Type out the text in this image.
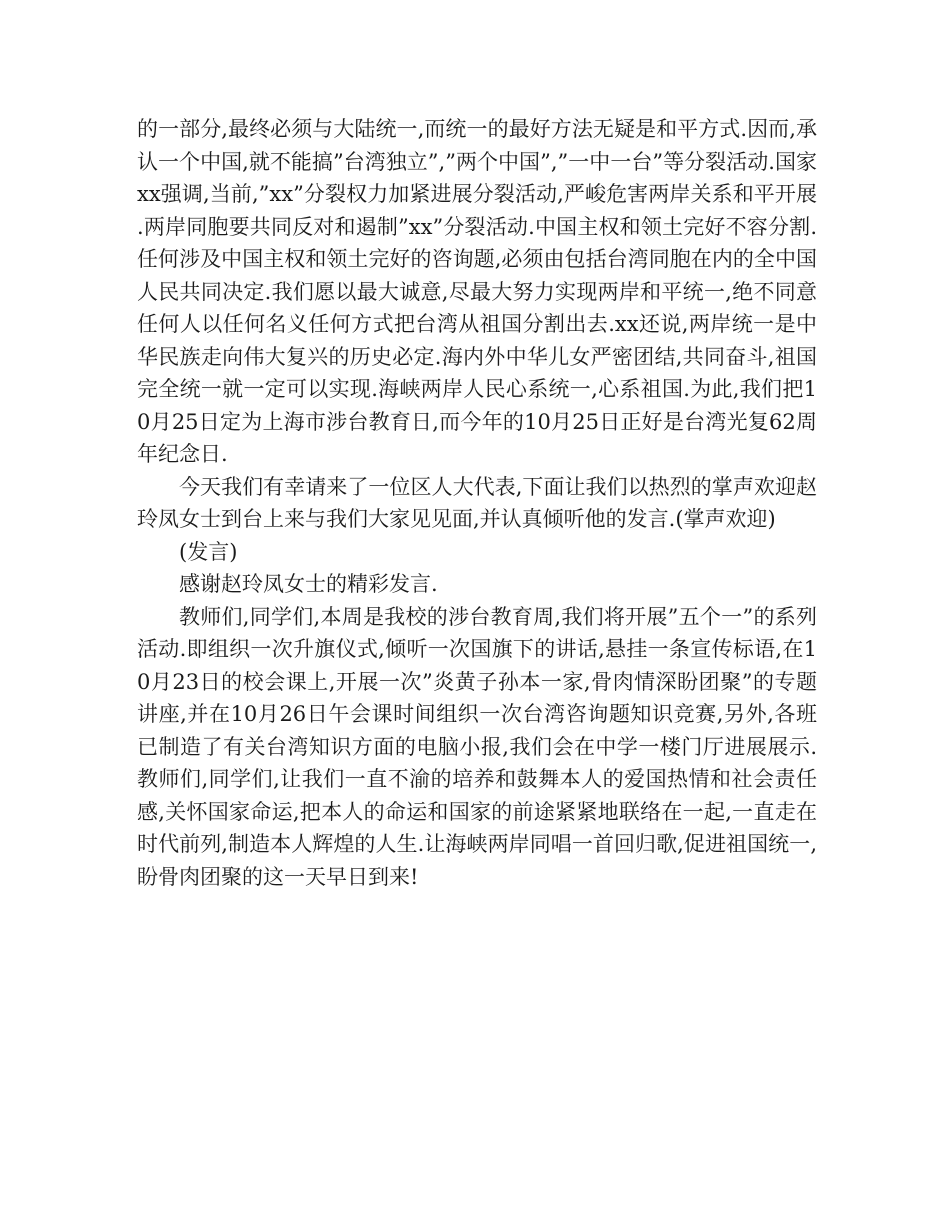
的一部分,最终必须与大陆统一,而统一的最好方法无疑是和平方式.因而,承认一个中国,就不能搞”台湾独立”,”两个中国”,”一中一台”等分裂活动.国家xx强调,当前,”xx”分裂权力加紧进展分裂活动,严峻危害两岸关系和平开展.两岸同胞要共同反对和遏制”xx”分裂活动.中国主权和领土完好不容分割.任何涉及中国主权和领土完好的咨询题,必须由包括台湾同胞在内的全中国人民共同决定.我们愿以最大诚意,尽最大努力实现两岸和平统一,绝不同意任何人以任何名义任何方式把台湾从祖国分割出去.xx还说,两岸统一是中华民族走向伟大复兴的历史必定.海内外中华儿女严密团结,共同奋斗,祖国完全统一就一定可以实现.海峡两岸人民心系统一,心系祖国.为此,我们把10月25日定为上海市涉台教育日,而今年的10月25日正好是台湾光复62周年纪念日.

今天我们有幸请来了一位区人大代表,下面让我们以热烈的掌声欢迎赵玲凤女士到台上来与我们大家见见面,并认真倾听他的发言.(掌声欢迎)

(发言)

感谢赵玲凤女士的精彩发言.

教师们,同学们,本周是我校的涉台教育周,我们将开展”五个一”的系列活动.即组织一次升旗仪式,倾听一次国旗下的讲话,悬挂一条宣传标语,在10月23日的校会课上,开展一次”炎黄子孙本一家,骨肉情深盼团聚”的专题讲座,并在10月26日午会课时间组织一次台湾咨询题知识竞赛,另外,各班已制造了有关台湾知识方面的电脑小报,我们会在中学一楼门厅进展展示.教师们,同学们,让我们一直不渝的培养和鼓舞本人的爱国热情和社会责任感,关怀国家命运,把本人的命运和国家的前途紧紧地联络在一起,一直走在时代前列,制造本人辉煌的人生.让海峡两岸同唱一首回归歌,促进祖国统一,盼骨肉团聚的这一天早日到来!
